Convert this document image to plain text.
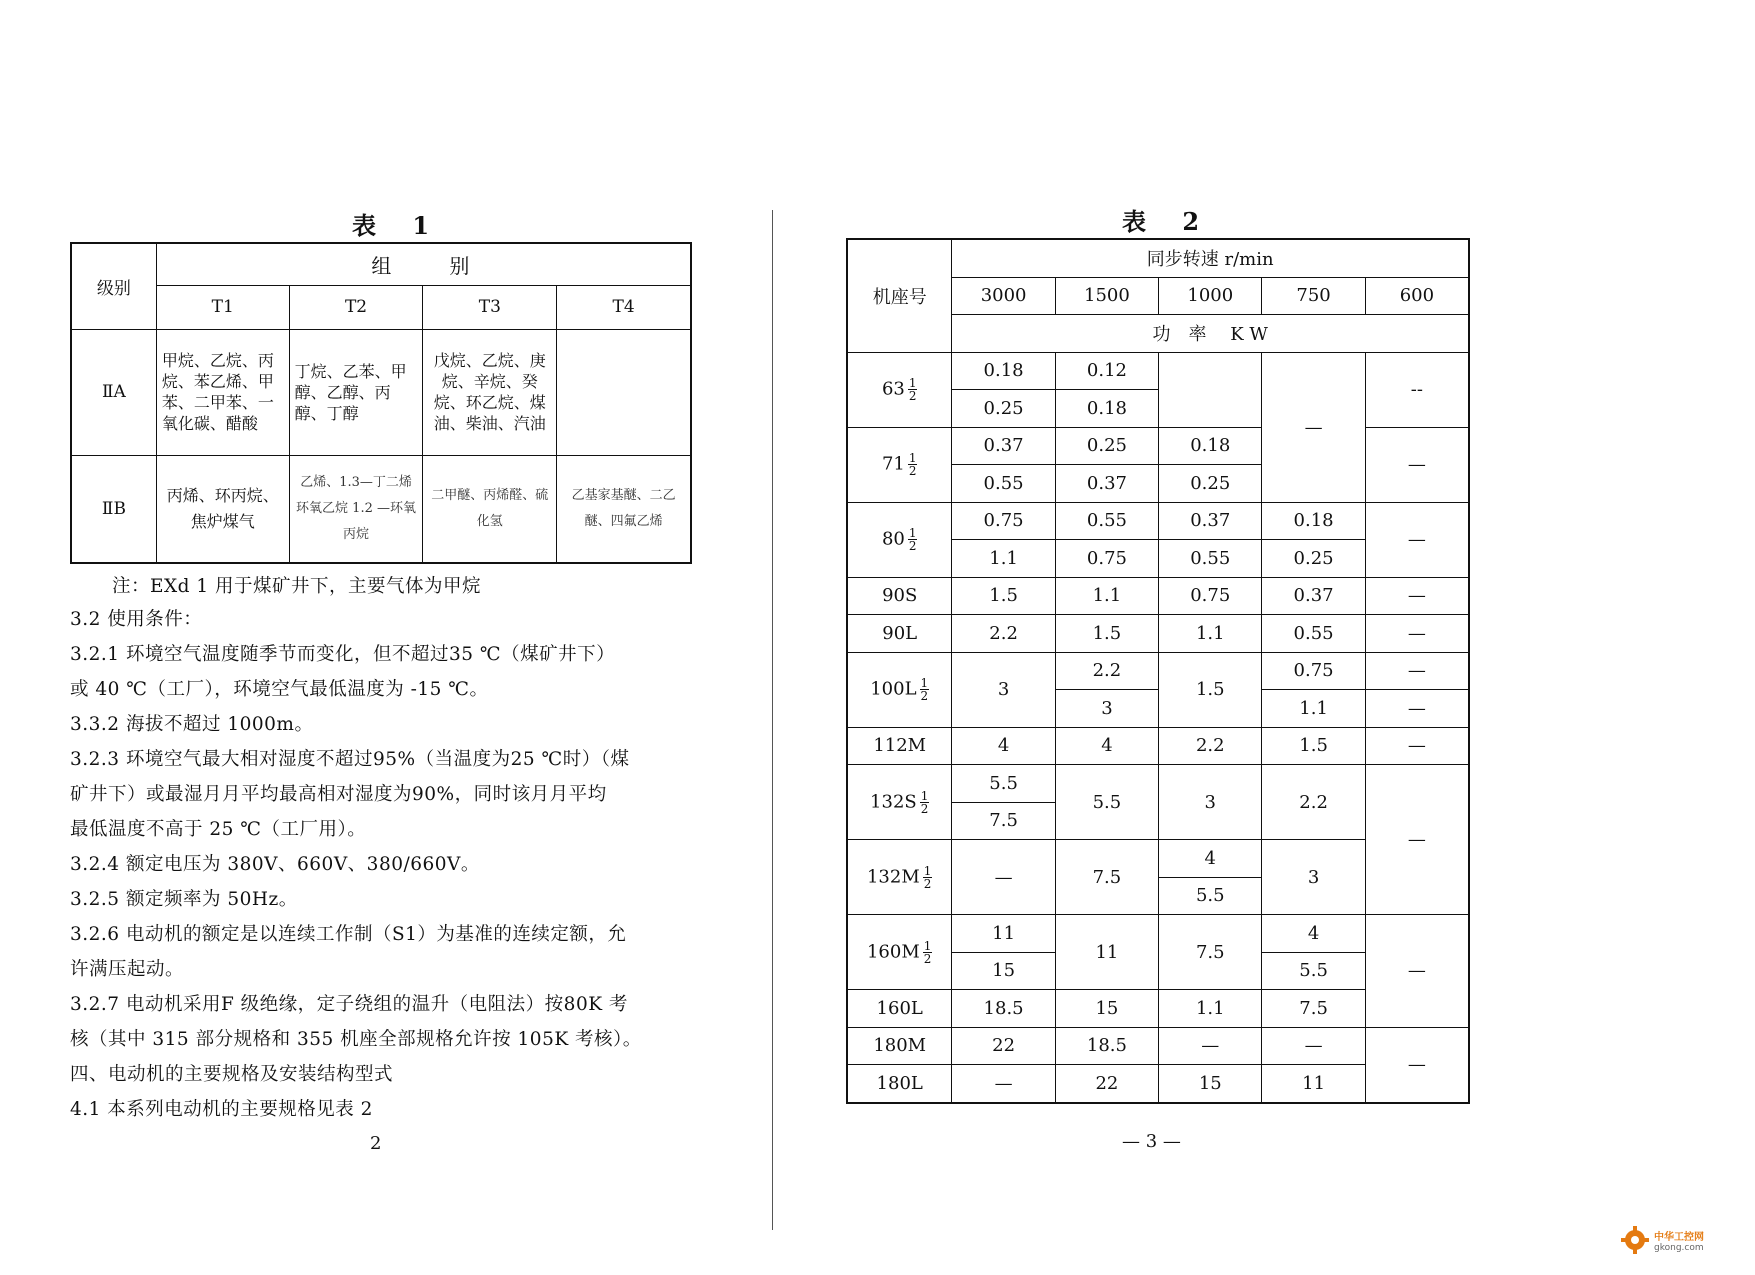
表 1
级别	组　　别			
	T1	T2	T3	T4
ⅡA	甲烷、乙烷、丙烷、苯乙烯、甲苯、二甲苯、一氧化碳、醋酸	丁烷、乙苯、甲醇、乙醇、丙醇、丁醇	戊烷、乙烷、庚烷、辛烷、癸烷、环乙烷、煤油、柴油、汽油	
ⅡB	丙烯、环丙烷、焦炉煤气	乙烯、1.3—丁二烯环氧乙烷 1.2 —环氧丙烷	二甲醚、丙烯醛、硫化氢	乙基家基醚、二乙醚、四氟乙烯
注：EXd 1 用于煤矿井下，主要气体为甲烷
3.2 使用条件：
3.2.1 环境空气温度随季节而变化，但不超过35 ℃（煤矿井下）
或 40 ℃（工厂），环境空气最低温度为 -15 ℃。
3.3.2 海拔不超过 1000m。
3.2.3 环境空气最大相对湿度不超过95%（当温度为25 ℃时）（煤
矿井下）或最湿月月平均最高相对湿度为90%，同时该月月平均
最低温度不高于 25 ℃（工厂用）。
3.2.4 额定电压为 380V、660V、380/660V。
3.2.5 额定频率为 50Hz。
3.2.6 电动机的额定是以连续工作制（S1）为基准的连续定额，允
许满压起动。
3.2.7 电动机采用F 级绝缘，定子绕组的温升（电阻法）按80K 考
核（其中 315 部分规格和 355 机座全部规格允许按 105K 考核）。
四、电动机的主要规格及安装结构型式
4.1 本系列电动机的主要规格见表 2
2
表 2
机座号	同步转速 r/min				
	3000	1500	1000	750	600
	功　率　 K W				
$63 \frac{1}{2}$	0.18	0.12		—	--
	0.25	0.18			
$71 \frac{1}{2}$	0.37	0.25	0.18		—
	0.55	0.37	0.25		
$80 \frac{1}{2}$	0.75	0.55	0.37	0.18	—
	1.1	0.75	0.55	0.25	
90S	1.5	1.1	0.75	0.37	—
90L	2.2	1.5	1.1	0.55	—
$100L \frac{1}{2}$	3	2.2	1.5	0.75	—
		3		1.1	—
112M	4	4	2.2	1.5	—
$132S \frac{1}{2}$	5.5	5.5	3	2.2	—
	7.5				
$132M \frac{1}{2}$	—	7.5	4	3	
			5.5		
$160M \frac{1}{2}$	11	11	7.5	4	—
	15			5.5	
160L	18.5	15	1.1	7.5	
180M	22	18.5	—	—	—
180L	—	22	15	11	
— 3 —
中华工控网
gkong.com
